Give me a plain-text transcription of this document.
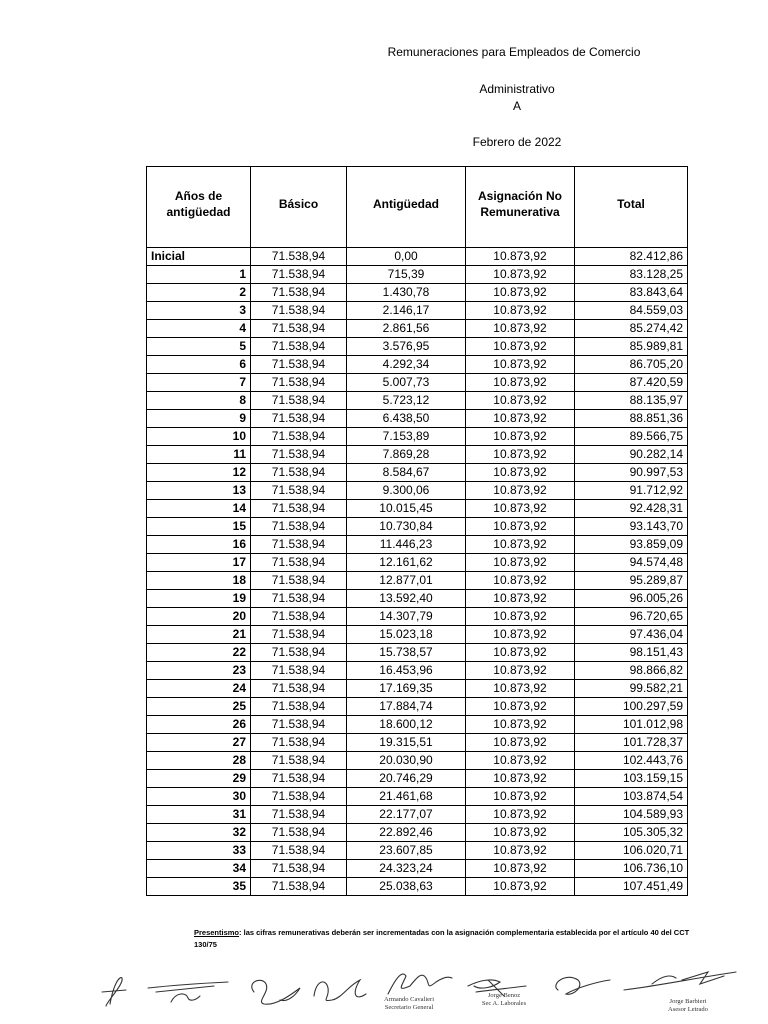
Remuneraciones para Empleados de Comercio
Administrativo
A
Febrero de 2022
Años de antigüedad	Básico	Antigüedad	Asignación No Remunerativa	Total

Inicial	71.538,94	0,00	10.873,92	82.412,86
1	71.538,94	715,39	10.873,92	83.128,25
2	71.538,94	1.430,78	10.873,92	83.843,64
3	71.538,94	2.146,17	10.873,92	84.559,03
4	71.538,94	2.861,56	10.873,92	85.274,42
5	71.538,94	3.576,95	10.873,92	85.989,81
6	71.538,94	4.292,34	10.873,92	86.705,20
7	71.538,94	5.007,73	10.873,92	87.420,59
8	71.538,94	5.723,12	10.873,92	88.135,97
9	71.538,94	6.438,50	10.873,92	88.851,36
10	71.538,94	7.153,89	10.873,92	89.566,75
11	71.538,94	7.869,28	10.873,92	90.282,14
12	71.538,94	8.584,67	10.873,92	90.997,53
13	71.538,94	9.300,06	10.873,92	91.712,92
14	71.538,94	10.015,45	10.873,92	92.428,31
15	71.538,94	10.730,84	10.873,92	93.143,70
16	71.538,94	11.446,23	10.873,92	93.859,09
17	71.538,94	12.161,62	10.873,92	94.574,48
18	71.538,94	12.877,01	10.873,92	95.289,87
19	71.538,94	13.592,40	10.873,92	96.005,26
20	71.538,94	14.307,79	10.873,92	96.720,65
21	71.538,94	15.023,18	10.873,92	97.436,04
22	71.538,94	15.738,57	10.873,92	98.151,43
23	71.538,94	16.453,96	10.873,92	98.866,82
24	71.538,94	17.169,35	10.873,92	99.582,21
25	71.538,94	17.884,74	10.873,92	100.297,59
26	71.538,94	18.600,12	10.873,92	101.012,98
27	71.538,94	19.315,51	10.873,92	101.728,37
28	71.538,94	20.030,90	10.873,92	102.443,76
29	71.538,94	20.746,29	10.873,92	103.159,15
30	71.538,94	21.461,68	10.873,92	103.874,54
31	71.538,94	22.177,07	10.873,92	104.589,93
32	71.538,94	22.892,46	10.873,92	105.305,32
33	71.538,94	23.607,85	10.873,92	106.020,71
34	71.538,94	24.323,24	10.873,92	106.736,10
35	71.538,94	25.038,63	10.873,92	107.451,49
Presentismo: las cifras remunerativas deberán ser incrementadas con la asignación complementaria establecida por el artículo 40 del CCT 130/75
Armando Cavalieri
Secretario General
Jorge Benoz
Sec A. Laborales	Jorge Barbieri
Asesor Letrado
